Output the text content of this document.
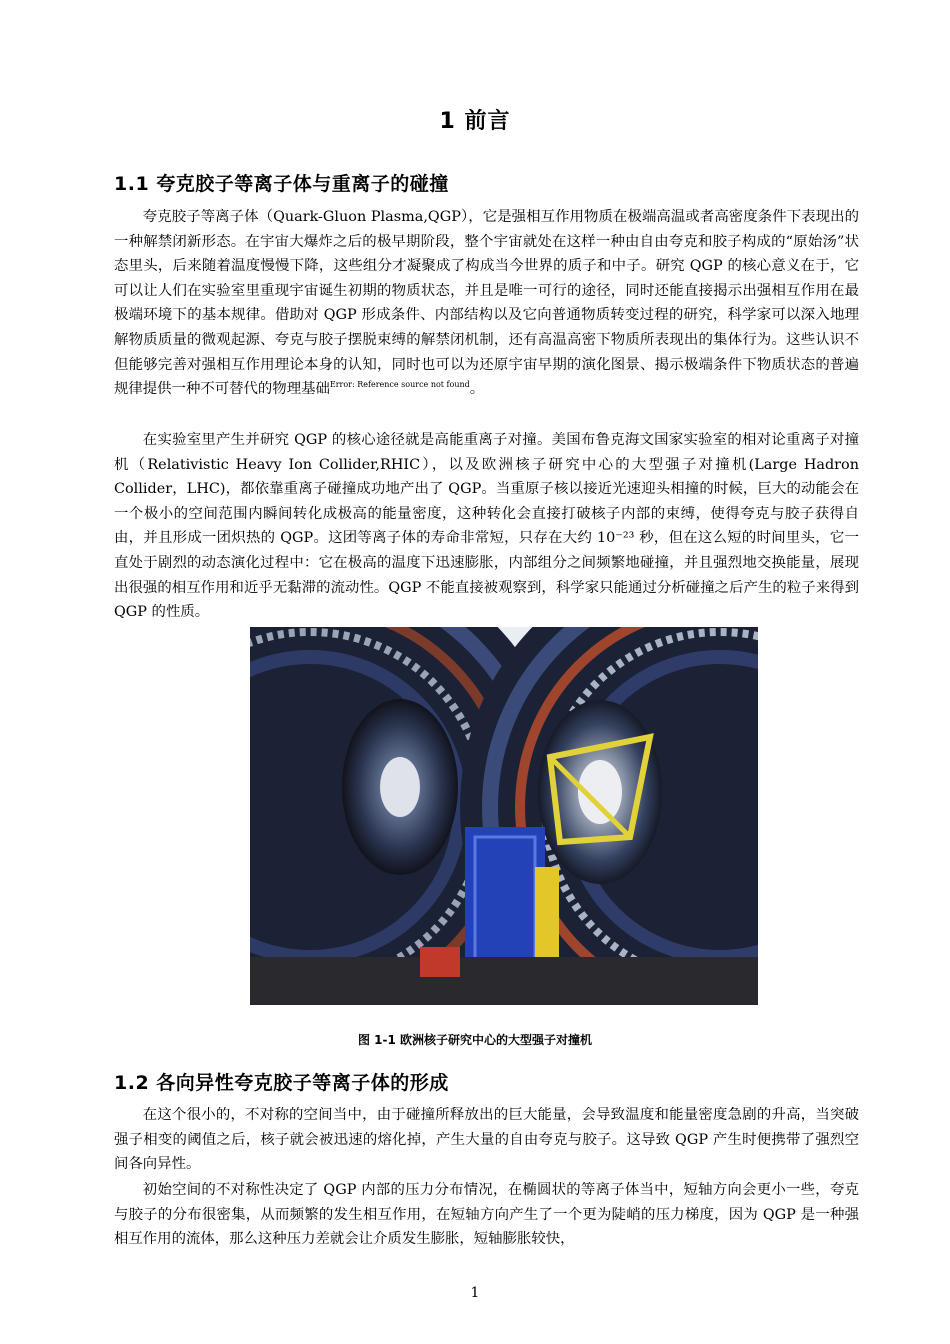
1 前言
1.1 夸克胶子等离子体与重离子的碰撞

夸克胶子等离子体（Quark-Gluon Plasma,QGP），它是强相互作用物质在极端高温或者高密度条件下表现出的一种解禁闭新形态。在宇宙大爆炸之后的极早期阶段，整个宇宙就处在这样一种由自由夸克和胶子构成的“原始汤”状态里头，后来随着温度慢慢下降，这些组分才凝聚成了构成当今世界的质子和中子。研究 QGP 的核心意义在于，它可以让人们在实验室里重现宇宙诞生初期的物质状态，并且是唯一可行的途径，同时还能直接揭示出强相互作用在最极端环境下的基本规律。借助对 QGP 形成条件、内部结构以及它向普通物质转变过程的研究，科学家可以深入地理解物质质量的微观起源、夸克与胶子摆脱束缚的解禁闭机制，还有高温高密下物质所表现出的集体行为。这些认识不但能够完善对强相互作用理论本身的认知，同时也可以为还原宇宙早期的演化图景、揭示极端条件下物质状态的普遍规律提供一种不可替代的物理基础$^{Error: Reference source not found}$。

在实验室里产生并研究 QGP 的核心途径就是高能重离子对撞。美国布鲁克海文国家实验室的相对论重离子对撞机（Relativistic Heavy Ion Collider,RHIC），以及欧洲核子研究中心的大型强子对撞机(Large Hadron Collider，LHC)，都依靠重离子碰撞成功地产出了 QGP。当重原子核以接近光速迎头相撞的时候，巨大的动能会在一个极小的空间范围内瞬间转化成极高的能量密度，这种转化会直接打破核子内部的束缚，使得夸克与胶子获得自由，并且形成一团炽热的 QGP。这团等离子体的寿命非常短，只存在大约 10⁻²³ 秒，但在这么短的时间里头，它一直处于剧烈的动态演化过程中：它在极高的温度下迅速膨胀，内部组分之间频繁地碰撞，并且强烈地交换能量，展现出很强的相互作用和近乎无黏滞的流动性。QGP 不能直接被观察到，科学家只能通过分析碰撞之后产生的粒子来得到 QGP 的性质。

图 1-1 欧洲核子研究中心的大型强子对撞机
1.2 各向异性夸克胶子等离子体的形成

在这个很小的，不对称的空间当中，由于碰撞所释放出的巨大能量，会导致温度和能量密度急剧的升高，当突破强子相变的阈值之后，核子就会被迅速的熔化掉，产生大量的自由夸克与胶子。这导致 QGP 产生时便携带了强烈空间各向异性。

初始空间的不对称性决定了 QGP 内部的压力分布情况，在椭圆状的等离子体当中，短轴方向会更小一些，夸克与胶子的分布很密集，从而频繁的发生相互作用，在短轴方向产生了一个更为陡峭的压力梯度，因为 QGP 是一种强相互作用的流体，那么这种压力差就会让介质发生膨胀，短轴膨胀较快，

1
